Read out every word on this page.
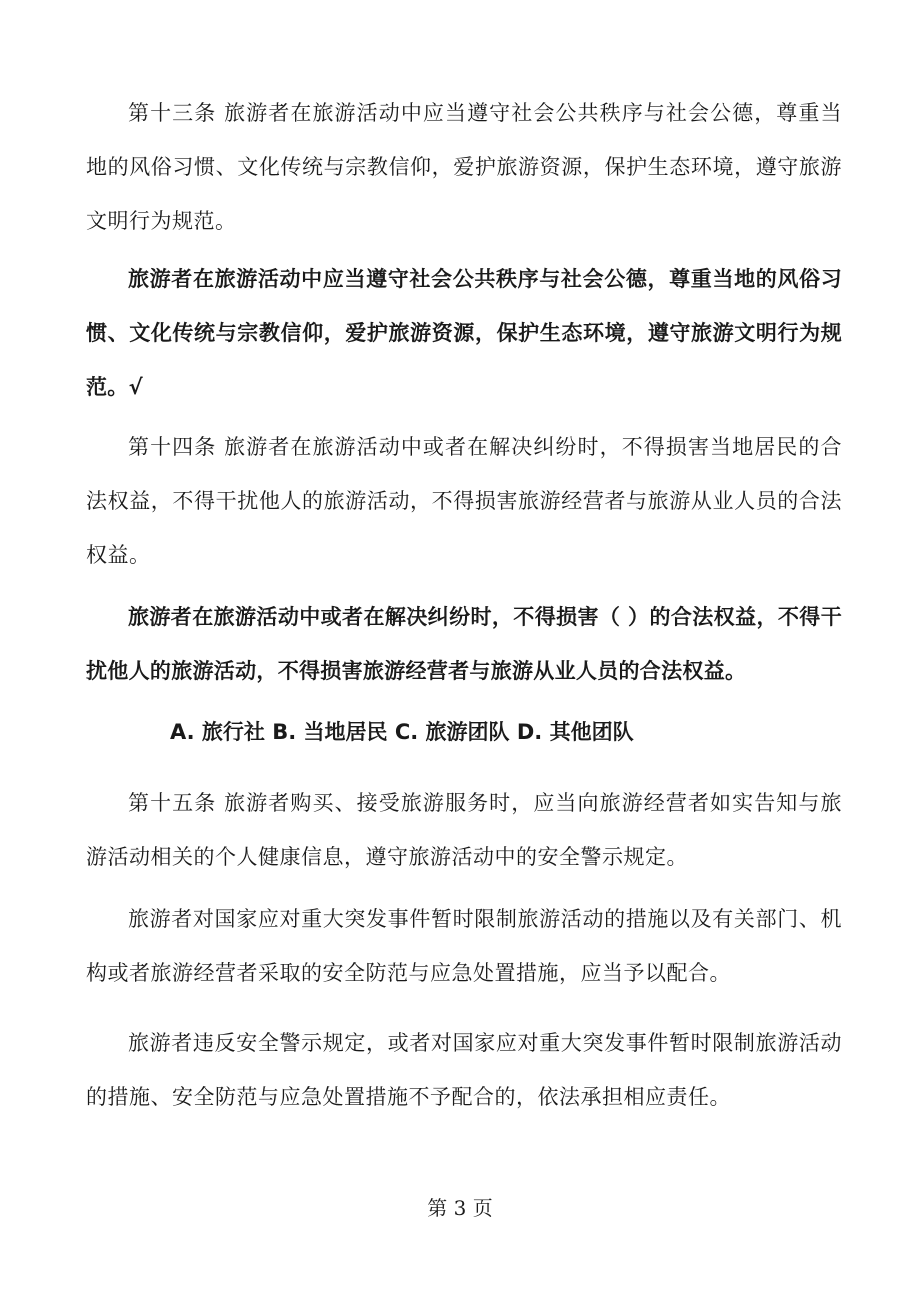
第十三条 旅游者在旅游活动中应当遵守社会公共秩序与社会公德，尊重当地的风俗习惯、文化传统与宗教信仰，爱护旅游资源，保护生态环境，遵守旅游文明行为规范。

旅游者在旅游活动中应当遵守社会公共秩序与社会公德，尊重当地的风俗习惯、文化传统与宗教信仰，爱护旅游资源，保护生态环境，遵守旅游文明行为规范。√

第十四条 旅游者在旅游活动中或者在解决纠纷时，不得损害当地居民的合法权益，不得干扰他人的旅游活动，不得损害旅游经营者与旅游从业人员的合法权益。

旅游者在旅游活动中或者在解决纠纷时，不得损害（ ）的合法权益，不得干扰他人的旅游活动，不得损害旅游经营者与旅游从业人员的合法权益。

A. 旅行社 B. 当地居民 C. 旅游团队 D. 其他团队

第十五条 旅游者购买、接受旅游服务时，应当向旅游经营者如实告知与旅游活动相关的个人健康信息，遵守旅游活动中的安全警示规定。

旅游者对国家应对重大突发事件暂时限制旅游活动的措施以及有关部门、机构或者旅游经营者采取的安全防范与应急处置措施，应当予以配合。

旅游者违反安全警示规定，或者对国家应对重大突发事件暂时限制旅游活动的措施、安全防范与应急处置措施不予配合的，依法承担相应责任。

第 3 页
